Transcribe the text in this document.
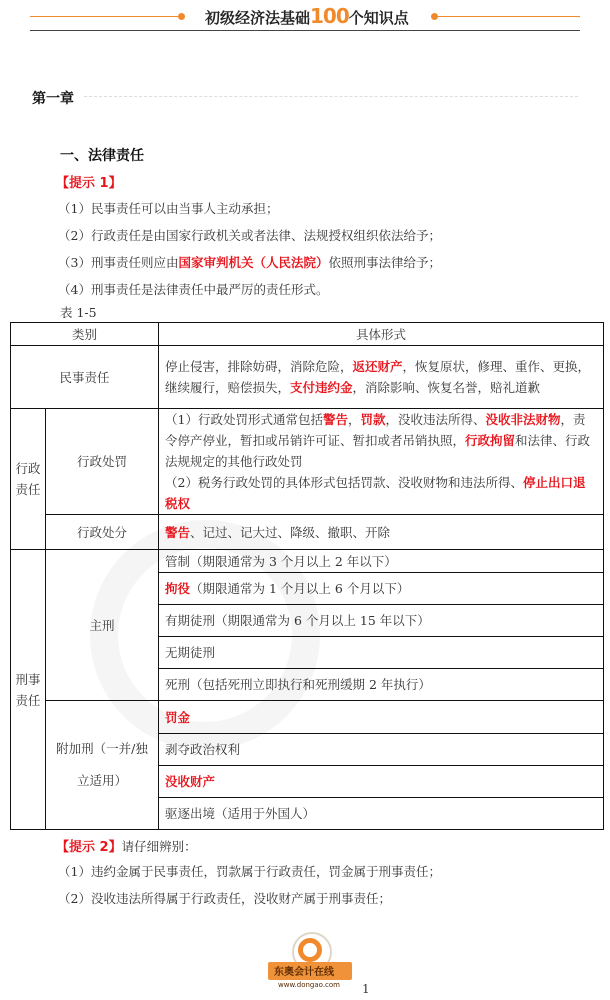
初级经济法基础100个知识点
第一章
一、法律责任
【提示 1】
（1）民事责任可以由当事人主动承担；
（2）行政责任是由国家行政机关或者法律、法规授权组织依法给予；
（3）刑事责任则应由国家审判机关（人民法院）依照刑事法律给予；
（4）刑事责任是法律责任中最严厉的责任形式。
表 1-5
类别		具体形式
民事责任		停止侵害，排除妨碍，消除危险，返还财产，恢复原状，修理、重作、更换，继续履行，赔偿损失，支付违约金，消除影响、恢复名誉，赔礼道歉
行政责任	行政处罚	（1）行政处罚形式通常包括警告，罚款，没收违法所得、没收非法财物，责令停产停业，暂扣或吊销许可证、暂扣或者吊销执照，行政拘留和法律、行政法规规定的其他行政处罚
（2）税务行政处罚的具体形式包括罚款、没收财物和违法所得、停止出口退税权

	行政处分	警告、记过、记大过、降级、撤职、开除
刑事责任	主刑	管制（期限通常为 3 个月以上 2 年以下）
		拘役（期限通常为 1 个月以上 6 个月以下）
		有期徒刑（期限通常为 6 个月以上 15 年以下）
		无期徒刑
		死刑（包括死刑立即执行和死刑缓期 2 年执行）
	附加刑（一并/独立适用）	罚金
		剥夺政治权利
		没收财产
		驱逐出境（适用于外国人）
【提示 2】请仔细辨别：
（1）违约金属于民事责任，罚款属于行政责任，罚金属于刑事责任；
（2）没收违法所得属于行政责任，没收财产属于刑事责任；
东奥会计在线
www.dongao.com 1
